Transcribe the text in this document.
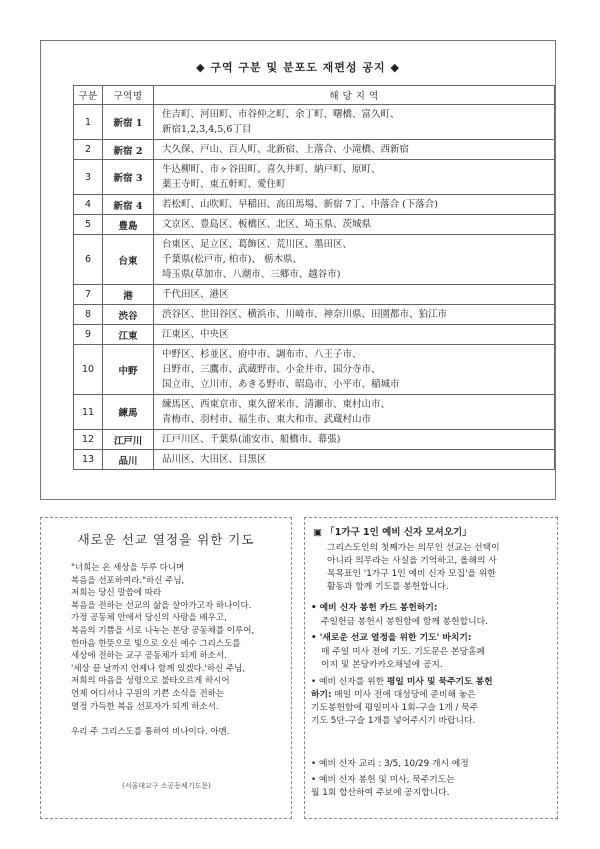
◆ 구역 구분 및 분포도 재편성 공지 ◆
구분	구역명	해 당 지 역
1	新宿 1	住吉町、河田町、市谷仲之町、余丁町、曙橋、富久町、
新宿1,2,3,4,5,6丁目
2	新宿 2	大久保、戸山、百人町、北新宿、上落合、小滝橋、西新宿
3	新宿 3	牛込柳町、市ヶ谷田町、喜久井町、納戸町、原町、
薬王寺町、東五軒町、愛住町
4	新宿 4	若松町、山吹町、早稲田、高田馬場、新宿 7丁、中落合 (下落合)
5	豊島	文京区、豊島区、板橋区、北区、埼玉県、茨城県
6	台東	台東区、足立区、葛飾区、荒川区、墨田区、
千葉県(松戸市, 柏市)、 栃木県、
埼玉県(草加市、八潮市、三郷市、越谷市)
7	港	千代田区、港区
8	渋谷	渋谷区、世田谷区、横浜市、川崎市、神奈川県、田園都市、狛江市
9	江東	江東区、中央区
10	中野	中野区、杉並区、府中市、調布市、八王子市、
日野市、三鷹市、武蔵野市、小金井市、国分寺市、
国立市、立川市、あきる野市、昭島市、小平市、稲城市
11	練馬	練馬区、西東京市、東久留米市、清瀬市、東村山市、
青梅市、羽村市、福生市、東大和市、武蔵村山市
12	江戸川	江戸川区、千葉県(浦安市、船橋市、幕張)
13	品川	品川区、大田区、目黒区
새로운 선교 열정을 위한 기도
"너희는 온 세상을 두루 다니며
복음을 선포하여라."하신 주님,
저희는 당신 말씀에 따라
복음을 전하는 선교의 삶을 살아가고자 하나이다.
가정 공동체 안에서 당신의 사랑을 배우고,
복음의 기쁨을 서로 나누는 본당 공동체를 이루어,
한마음 한뜻으로 빛으로 오신 예수 그리스도를
세상에 전하는 교구 공동체가 되게 하소서.
'세상 끝 날까지 언제나 함께 있겠다.'하신 주님,
저희의 마음을 성령으로 불타오르게 하시어
언제 어디서나 구원의 기쁜 소식을 전하는
열정 가득한 복음 선포자가 되게 하소서.

우리 주 그리스도를 통하여 비나이다. 아멘.
(서울대교구 소공동체기도문)
▣ 「1가구 1인 예비 신자 모셔오기」
그리스도인의 첫째가는 의무인 선교는 선택이
아니라 의무라는 사실을 기억하고, 올해의 사
목목표인 '1가구 1인 예비 신자 모집'을 위한
활동과 함께 기도를 봉헌합니다.
• 예비 신자 봉헌 카드 봉헌하기:
주일헌금 봉헌시 봉헌함에 함께 봉헌합니다.
• '새로운 선교 열정을 위한 기도' 바치기:
매 주일 미사 전에 기도. 기도문은 본당홈페
이지 및 본당카카오채널에 공지.
• 예비 신자를 위한 평일 미사 및 묵주기도 봉헌
하기: 매일 미사 전에 대성당에 준비해 놓은
기도봉헌함에 평일미사 1회-구슬 1개 / 묵주
기도 5단-구슬 1개를 넣어주시기 바랍니다.
• 예비 신자 교리 : 3/5, 10/29 개시 예정
• 예비 신자 봉헌 및 미사, 묵주기도는
월 1회 합산하여 주보에 공지합니다.
